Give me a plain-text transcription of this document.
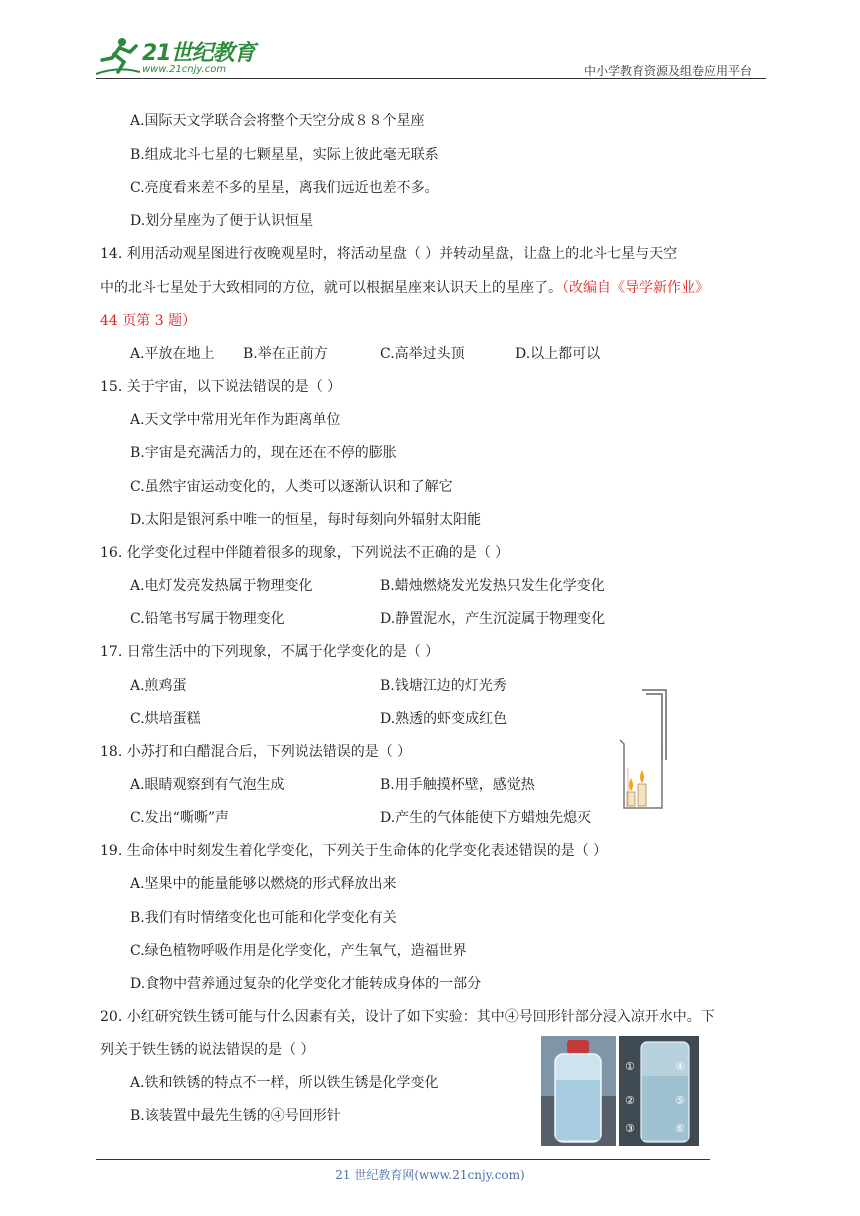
21世纪教育
www.21cnjy.com	中小学教育资源及组卷应用平台
A.国际天文学联合会将整个天空分成８８个星座
B.组成北斗七星的七颗星星，实际上彼此毫无联系
C.亮度看来差不多的星星，离我们远近也差不多。
D.划分星座为了便于认识恒星
14. 利用活动观星图进行夜晚观星时，将活动星盘（ ）并转动星盘，让盘上的北斗七星与天空
中的北斗七星处于大致相同的方位，就可以根据星座来认识天上的星座了。（改编自《导学新作业》
44 页第 3 题）
A.平放在地上 B.举在正前方	C.高举过头顶	D.以上都可以
15. 关于宇宙，以下说法错误的是（ ）
A.天文学中常用光年作为距离单位
B.宇宙是充满活力的，现在还在不停的膨胀
C.虽然宇宙运动变化的，人类可以逐渐认识和了解它
D.太阳是银河系中唯一的恒星，每时每刻向外辐射太阳能
16. 化学变化过程中伴随着很多的现象，下列说法不正确的是（ ）
A.电灯发亮发热属于物理变化	B.蜡烛燃烧发光发热只发生化学变化
C.铅笔书写属于物理变化	D.静置泥水，产生沉淀属于物理变化
17. 日常生活中的下列现象，不属于化学变化的是（ ）
A.煎鸡蛋	B.钱塘江边的灯光秀
C.烘培蛋糕	D.熟透的虾变成红色
18. 小苏打和白醋混合后，下列说法错误的是（ ）
A.眼睛观察到有气泡生成	B.用手触摸杯壁，感觉热
C.发出“嘶嘶”声	D.产生的气体能使下方蜡烛先熄灭
19. 生命体中时刻发生着化学变化，下列关于生命体的化学变化表述错误的是（ ）
A.坚果中的能量能够以燃烧的形式释放出来
B.我们有时情绪变化也可能和化学变化有关
C.绿色植物呼吸作用是化学变化，产生氧气，造福世界
D.食物中营养通过复杂的化学变化才能转成身体的一部分
20. 小红研究铁生锈可能与什么因素有关，设计了如下实验：其中④号回形针部分浸入凉开水中。下
列关于铁生锈的说法错误的是（ ）
A.铁和铁锈的特点不一样，所以铁生锈是化学变化
B.该装置中最先生锈的④号回形针
①
②
③
④
⑤
⑥
21 世纪教育网(www.21cnjy.com)
